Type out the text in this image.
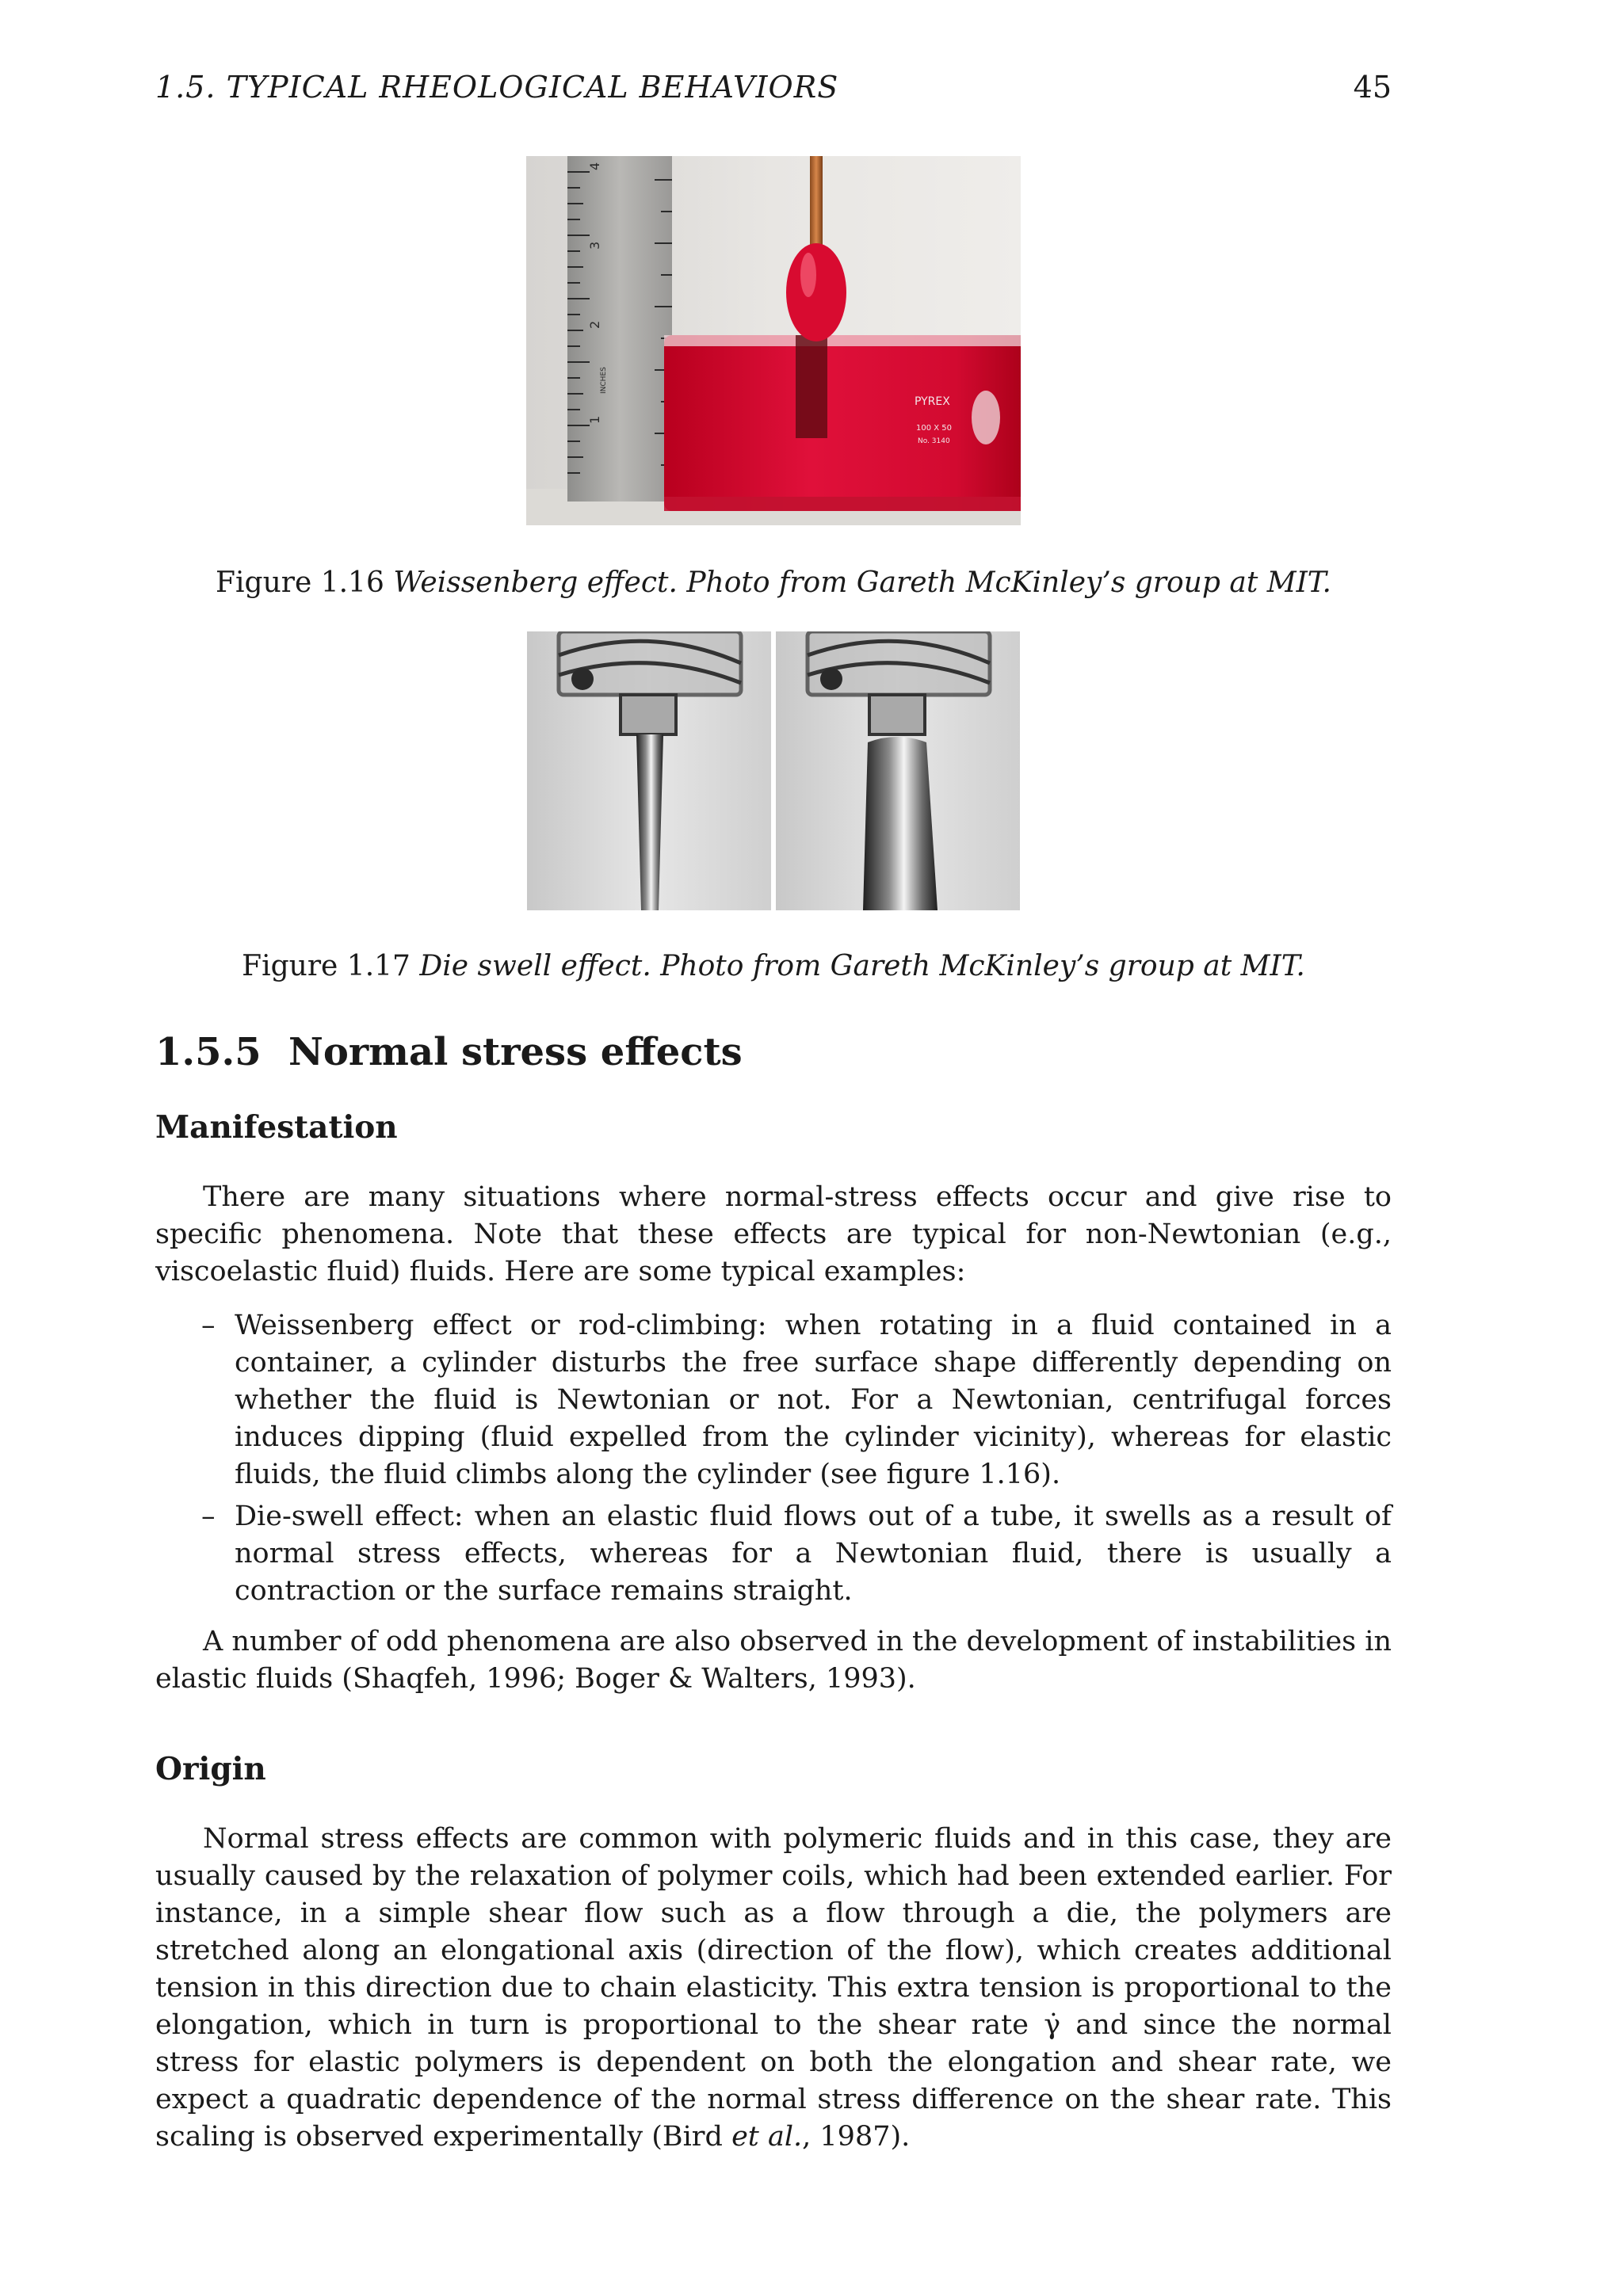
1.5. TYPICAL RHEOLOGICAL BEHAVIORS	45
1
2
3
4
INCHES
PYREX
100 X 50
No. 3140
Figure 1.16 Weissenberg effect. Photo from Gareth McKinley’s group at MIT.
Figure 1.17 Die swell effect. Photo from Gareth McKinley’s group at MIT.
1.5.5 Normal stress effects
Manifestation

There are many situations where normal-stress effects occur and give rise to specific phenomena. Note that these effects are typical for non-Newtonian (e.g., viscoelastic fluid) fluids. Here are some typical examples:

– Weissenberg effect or rod-climbing: when rotating in a fluid contained in a container, a cylinder disturbs the free surface shape differently depending on whether the fluid is Newtonian or not. For a Newtonian, centrifugal forces induces dipping (fluid expelled from the cylinder vicinity), whereas for elastic fluids, the fluid climbs along the cylinder (see figure 1.16).
– Die-swell effect: when an elastic fluid flows out of a tube, it swells as a result of normal stress effects, whereas for a Newtonian fluid, there is usually a contraction or the surface remains straight.

A number of odd phenomena are also observed in the development of instabilities in elastic fluids (Shaqfeh, 1996; Boger & Walters, 1993).

Origin

Normal stress effects are common with polymeric fluids and in this case, they are usually caused by the relaxation of polymer coils, which had been extended earlier. For instance, in a simple shear flow such as a flow through a die, the polymers are stretched along an elongational axis (direction of the flow), which creates additional tension in this direction due to chain elasticity. This extra tension is proportional to the elongation, which in turn is proportional to the shear rate γ̇ and since the normal stress for elastic polymers is dependent on both the elongation and shear rate, we expect a quadratic dependence of the normal stress difference on the shear rate. This scaling is observed experimentally (Bird et al., 1987).
